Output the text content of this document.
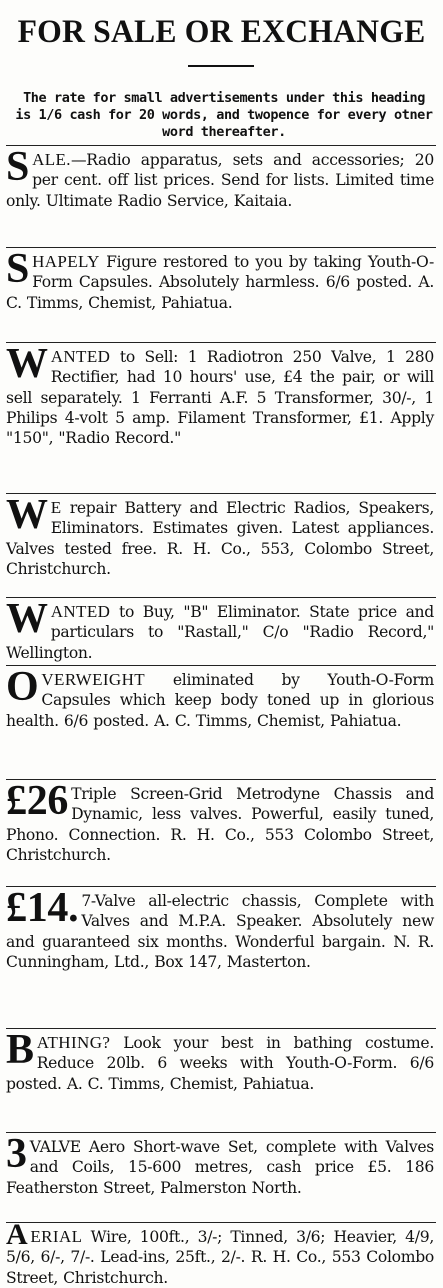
FOR SALE OR EXCHANGE
The rate for small advertisements under this heading is 1/6 cash for 20 words, and twopence for every otner word thereafter.
SALE.—Radio apparatus, sets and accessories; 20 per cent. off list prices. Send for lists. Limited time only. Ultimate Radio Service, Kaitaia.
SHAPELY Figure restored to you by taking Youth-O-Form Capsules. Absolutely harmless. 6/6 posted. A. C. Timms, Chemist, Pahiatua.
WANTED to Sell: 1 Radiotron 250 Valve, 1 280 Rectifier, had 10 hours' use, £4 the pair, or will sell separately. 1 Ferranti A.F. 5 Transformer, 30/-, 1 Philips 4-volt 5 amp. Filament Transformer, £1. Apply "150", "Radio Record."
W E repair Battery and Electric Radios, Speakers, Eliminators. Estimates given. Latest appliances. Valves tested free. R. H. Co., 553, Colombo Street, Christchurch.
WANTED to Buy, "B" Eliminator. State price and particulars to "Rastall," C/o "Radio Record," Wellington.
OVERWEIGHT eliminated by Youth-O-Form Capsules which keep body toned up in glorious health. 6/6 posted. A. C. Timms, Chemist, Pahiatua.
£26 Triple Screen-Grid Metrodyne Chassis and Dynamic, less valves. Powerful, easily tuned, Phono. Connection. R. H. Co., 553 Colombo Street, Christchurch.
£14. 7-Valve all-electric chassis, Complete with Valves and M.P.A. Speaker. Absolutely new and guaranteed six months. Wonderful bargain. N. R. Cunningham, Ltd., Box 147, Masterton.
BATHING? Look your best in bathing costume. Reduce 20lb. 6 weeks with Youth-O-Form. 6/6 posted. A. C. Timms, Chemist, Pahiatua.
3 VALVE Aero Short-wave Set, complete with Valves and Coils, 15-600 metres, cash price £5. 186 Featherston Street, Palmerston North.
AERIAL Wire, 100ft., 3/-; Tinned, 3/6; Heavier, 4/9, 5/6, 6/-, 7/-. Lead-ins, 25ft., 2/-. R. H. Co., 553 Colombo Street, Christchurch.
